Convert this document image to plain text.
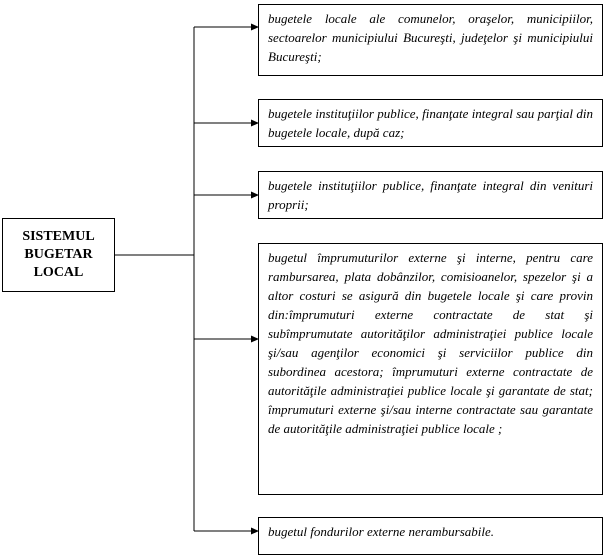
SISTEMUL
BUGETAR
LOCAL
bugetele locale ale comunelor, oraşelor, municipiilor, sectoarelor municipiului Bucureşti, judeţelor şi municipiului Bucureşti;
bugetele instituţiilor publice, finanţate integral sau parţial din bugetele locale, după caz;
bugetele instituţiilor publice, finanţate integral din venituri proprii;
bugetul împrumuturilor externe şi interne, pentru care rambursarea, plata dobânzilor, comisioanelor, spezelor şi a altor costuri se asigură din bugetele locale şi care provin din:împrumuturi externe contractate de stat şi subîmprumutate autorităţilor administraţiei publice locale şi/sau agenţilor economici şi serviciilor publice din subordinea acestora; împrumuturi externe contractate de autorităţile administraţiei publice locale şi garantate de stat; împrumuturi externe şi/sau interne contractate sau garantate de autorităţile administraţiei publice locale ;
bugetul fondurilor externe nerambursabile.
